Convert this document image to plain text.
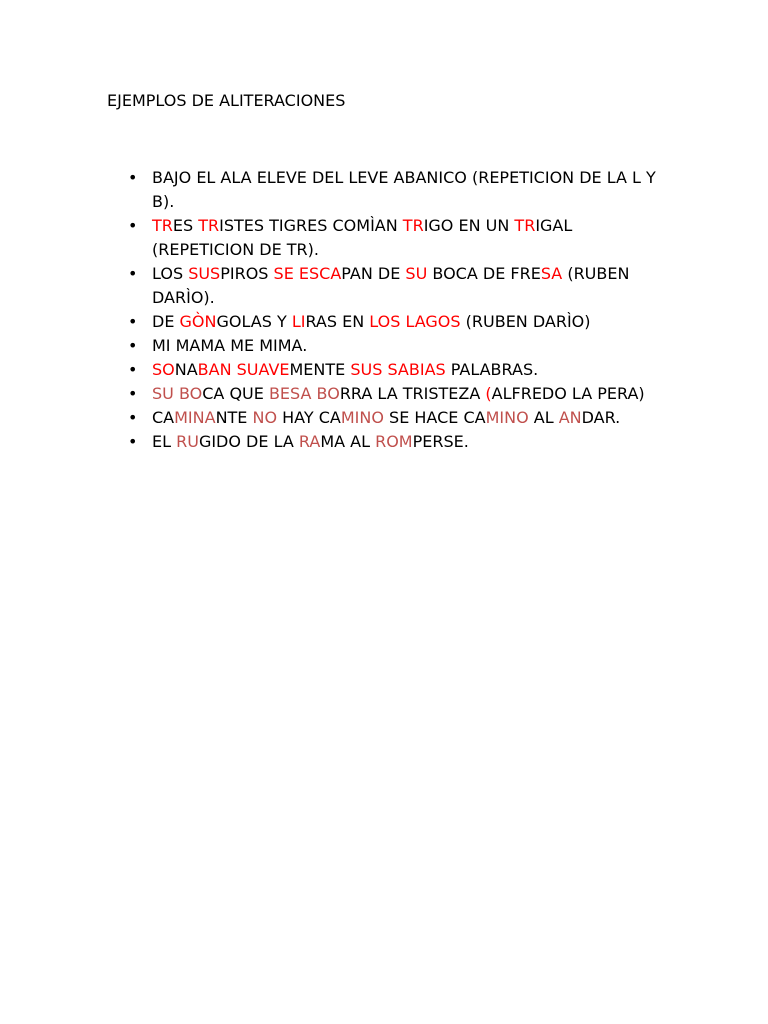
EJEMPLOS DE ALITERACIONES
• BAJO EL ALA ELEVE DEL LEVE ABANICO (REPETICION DE LA L Y B).
• TRES TRISTES TIGRES COMÌAN TRIGO EN UN TRIGAL (REPETICION DE TR).
• LOS SUSPIROS SE ESCAPAN DE SU BOCA DE FRESA (RUBEN DARÌO).
• DE GÒNGOLAS Y LIRAS EN LOS LAGOS (RUBEN DARÌO)
• MI MAMA ME MIMA.
• SONABAN SUAVEMENTE SUS SABIAS PALABRAS.
• SU BOCA QUE BESA BORRA LA TRISTEZA (ALFREDO LA PERA)
• CAMINANTE NO HAY CAMINO SE HACE CAMINO AL ANDAR.
• EL RUGIDO DE LA RAMA AL ROMPERSE.
